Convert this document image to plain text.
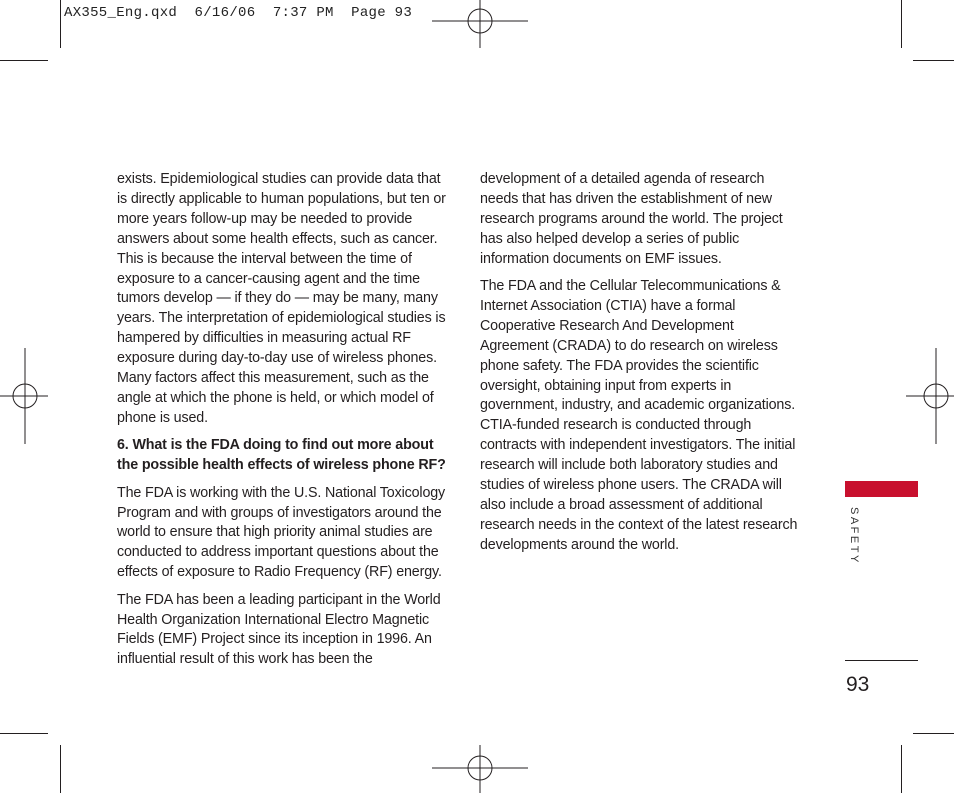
AX355_Eng.qxd  6/16/06  7:37 PM  Page 93

exists. Epidemiological studies can provide data that is directly applicable to human populations, but ten or more years follow-up may be needed to provide answers about some health effects, such as cancer. This is because the interval between the time of exposure to a cancer-causing agent and the time tumors develop — if they do — may be many, many years. The interpretation of epidemiological studies is hampered by difficulties in measuring actual RF exposure during day-to-day use of wireless phones. Many factors affect this measurement, such as the angle at which the phone is held, or which model of phone is used.

6. What is the FDA doing to find out more about the possible health effects of wireless phone RF?

The FDA is working with the U.S. National Toxicology Program and with groups of investigators around the world to ensure that high priority animal studies are conducted to address important questions about the effects of exposure to Radio Frequency (RF) energy.

The FDA has been a leading participant in the World Health Organization International Electro Magnetic Fields (EMF) Project since its inception in 1996. An influential result of this work has been the

development of a detailed agenda of research needs that has driven the establishment of new research programs around the world. The project has also helped develop a series of public information documents on EMF issues.

The FDA and the Cellular Telecommunications & Internet Association (CTIA) have a formal Cooperative Research And Development Agreement (CRADA) to do research on wireless phone safety. The FDA provides the scientific oversight, obtaining input from experts in government, industry, and academic organizations. CTIA-funded research is conducted through contracts with independent investigators. The initial research will include both laboratory studies and studies of wireless phone users. The CRADA will also include a broad assessment of additional research needs in the context of the latest research developments around the world.	SAFETY
93
